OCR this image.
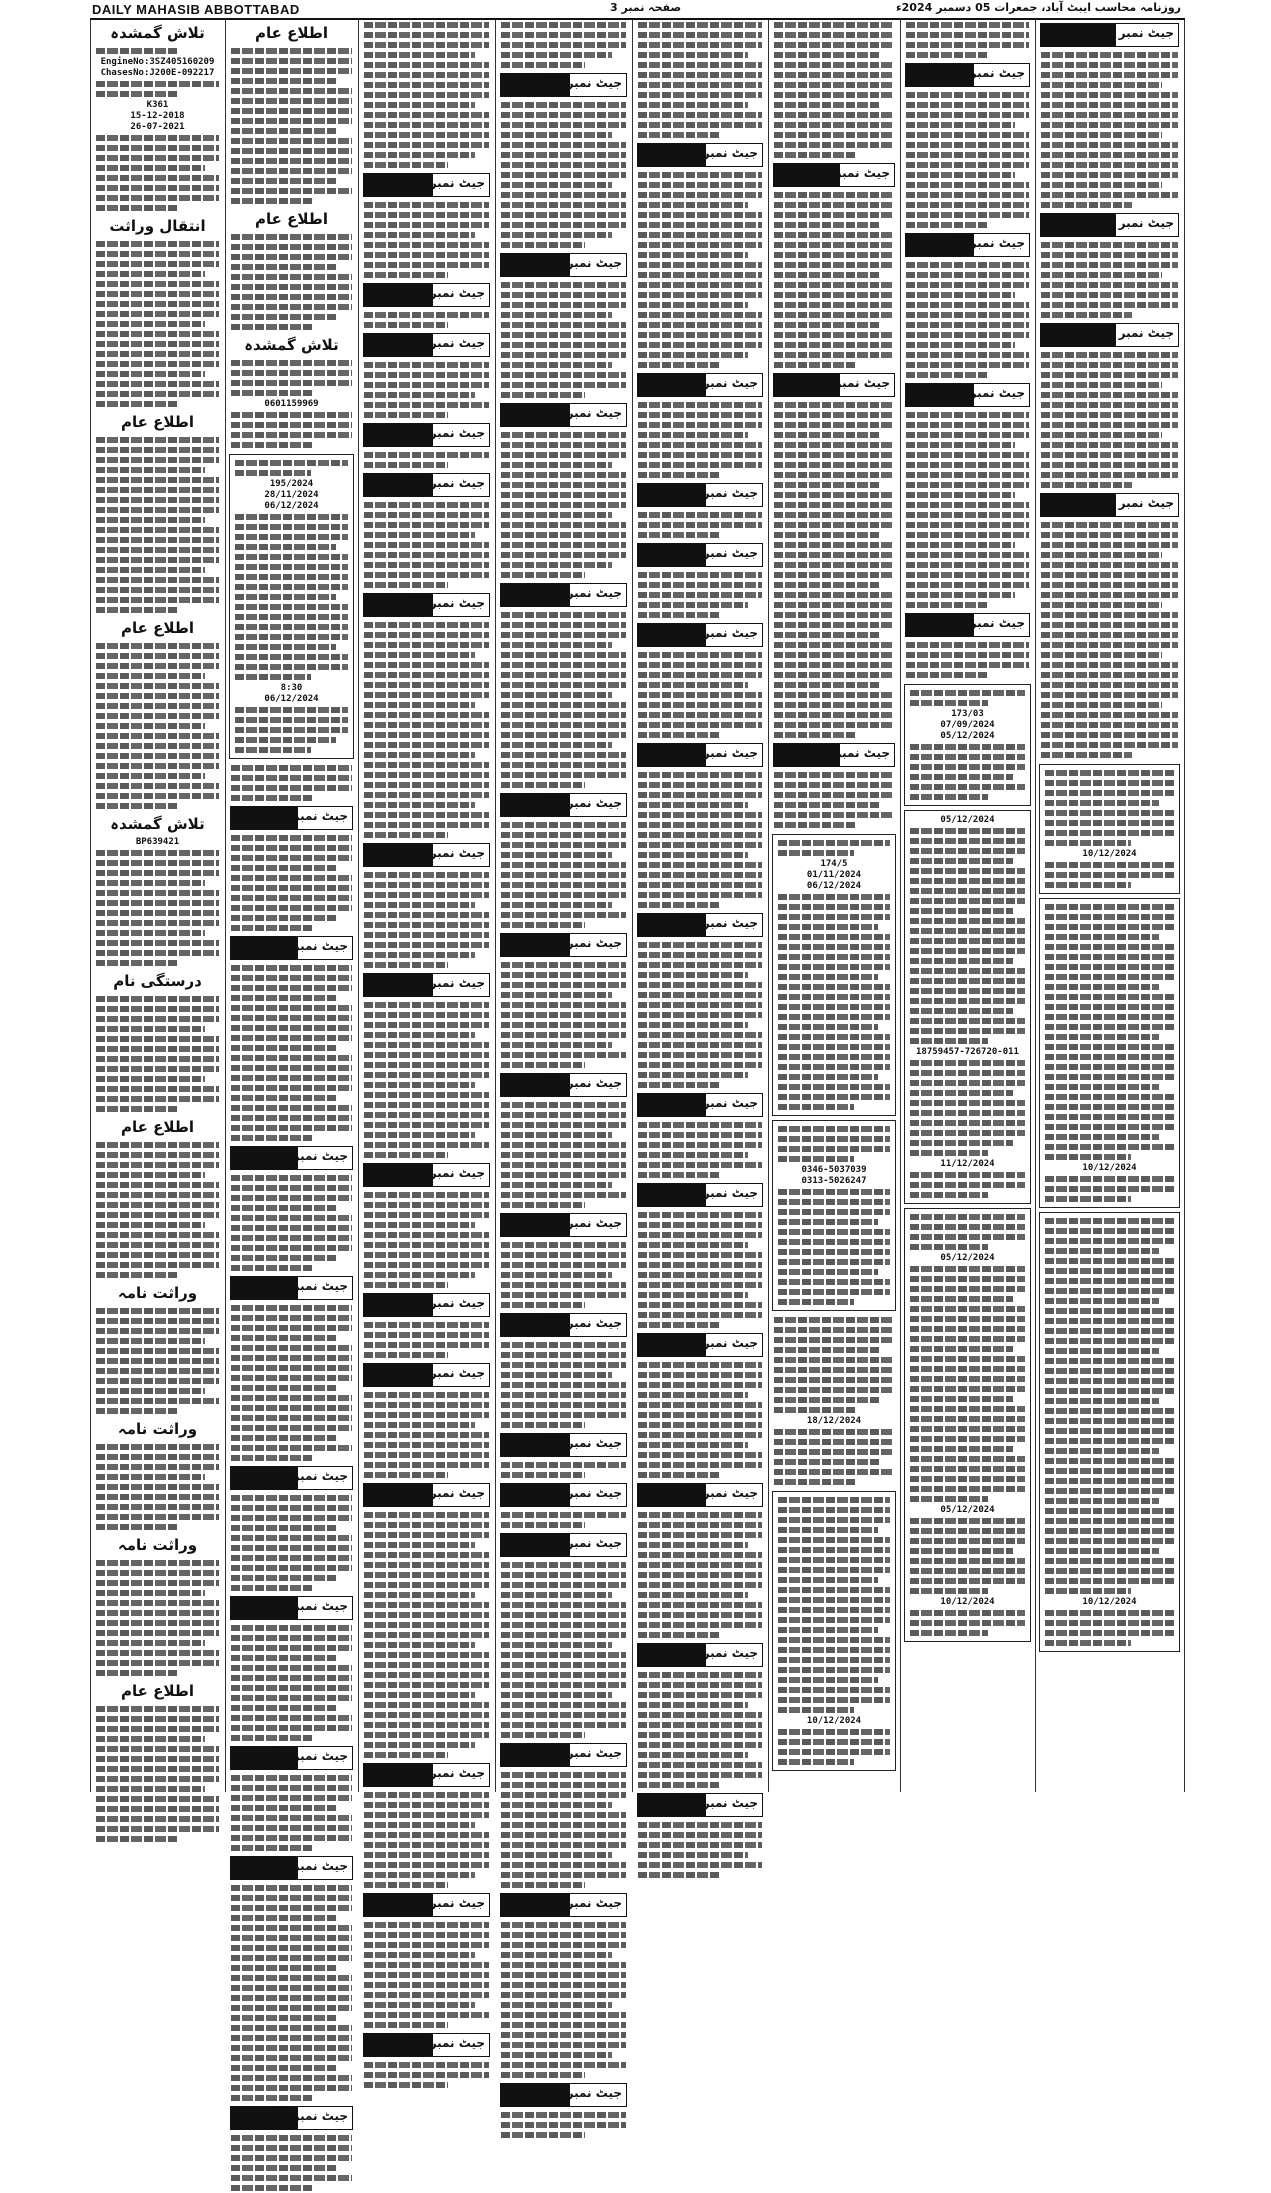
DAILY MAHASIB ABBOTTABAD	صفحہ نمبر 3	روزنامہ محاسب ایبٹ آباد، جمعرات 05 دسمبر 2024ء
تلاش گمشدہ
EngineNo:3SZ405160209
ChasesNo:J200E-092217
K361
15-12-2018
26-07-2021
انتقال وراثت
اطلاع عام
اطلاع عام
تلاش گمشدہ
BP639421
درستگی نام
اطلاع عام
وراثت نامہ
وراثت نامہ
وراثت نامہ
اطلاع عام
اطلاع عام
اطلاع عام
تلاش گمشدہ
0601159969
195/2024
28/11/2024
06/12/2024
8:30
06/12/2024
جیٹ نمبر 55
جیٹ نمبر 56
جیٹ نمبر 57
جیٹ نمبر 58
جیٹ نمبر 59
جیٹ نمبر 60
جیٹ نمبر 61
جیٹ نمبر 62
جیٹ نمبر 63
جیٹ نمبر 40
جیٹ نمبر 41
جیٹ نمبر 42
جیٹ نمبر 43
جیٹ نمبر 44
جیٹ نمبر 45
جیٹ نمبر 46
جیٹ نمبر 47
جیٹ نمبر 48
جیٹ نمبر 49
جیٹ نمبر 50
جیٹ نمبر 51
جیٹ نمبر 52
جیٹ نمبر 53
جیٹ نمبر 54
جیٹ نمبر 25
جیٹ نمبر 26
جیٹ نمبر 27
جیٹ نمبر 28
جیٹ نمبر 29
جیٹ نمبر 30
جیٹ نمبر 31
جیٹ نمبر 32
جیٹ نمبر 33
جیٹ نمبر 34
جیٹ نمبر 35
جیٹ نمبر 36
جیٹ نمبر 37
جیٹ نمبر 38
جیٹ نمبر 39
جیٹ نمبر 12
جیٹ نمبر 13
جیٹ نمبر 14
جیٹ نمبر 15
جیٹ نمبر 16
جیٹ نمبر 17
جیٹ نمبر 18
جیٹ نمبر 19
جیٹ نمبر 20
جیٹ نمبر 21
جیٹ نمبر 22
جیٹ نمبر 23
جیٹ نمبر 24
جیٹ نمبر 9
جیٹ نمبر 10
جیٹ نمبر 11
174/5
01/11/2024
06/12/2024
0346-5037039
0313-5026247
18/12/2024
10/12/2024
جیٹ نمبر 5
جیٹ نمبر 6
جیٹ نمبر 7
جیٹ نمبر 8
173/03
07/09/2024
05/12/2024
05/12/2024
18759457-726720-011
11/12/2024
05/12/2024
05/12/2024
10/12/2024
جیٹ نمبر 1
جیٹ نمبر 2
جیٹ نمبر 3
جیٹ نمبر 4
10/12/2024
10/12/2024
10/12/2024
